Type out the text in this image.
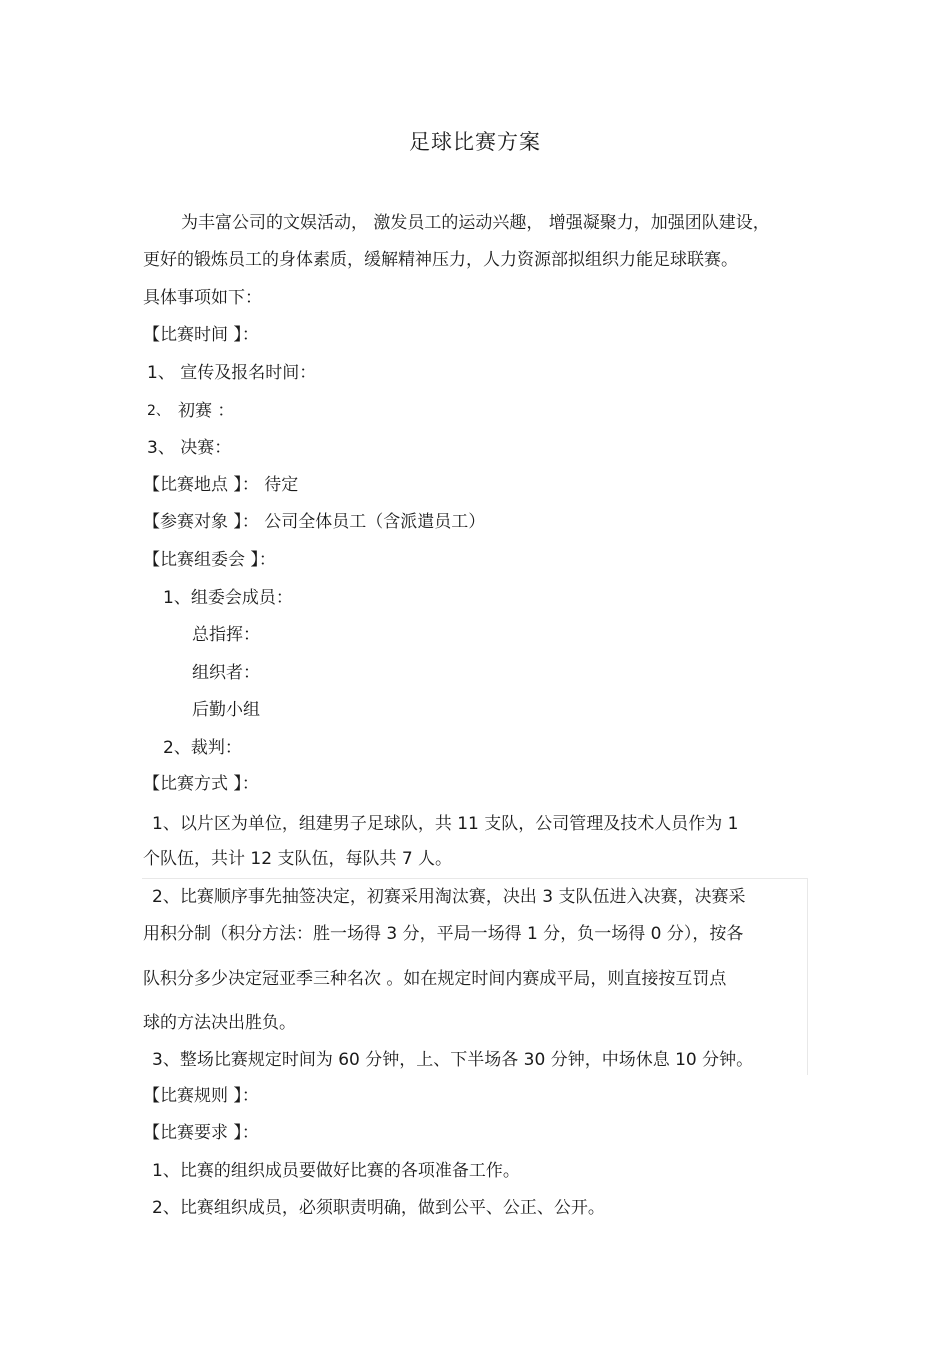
足球比赛方案
为丰富公司的文娱活动， 激发员工的运动兴趣， 增强凝聚力，加强团队建设，
更好的锻炼员工的身体素质，缓解精神压力，人力资源部拟组织力能足球联赛。
具体事项如下：
【比赛时间 】：
1、 宣传及报名时间：
2、 初赛 ：
3、 决赛：
【比赛地点 】： 待定
【参赛对象 】： 公司全体员工（含派遣员工）
【比赛组委会 】：
1、组委会成员：
总指挥：
组织者：
后勤小组
2、裁判：
【比赛方式 】：
1、以片区为单位，组建男子足球队，共 11 支队，公司管理及技术人员作为 1
个队伍，共计 12 支队伍，每队共 7 人。
2、比赛顺序事先抽签决定，初赛采用淘汰赛，决出 3 支队伍进入决赛，决赛采
用积分制（积分方法：胜一场得 3 分，平局一场得 1 分，负一场得 0 分），按各
队积分多少决定冠亚季三种名次 。如在规定时间内赛成平局，则直接按互罚点
球的方法决出胜负。
3、整场比赛规定时间为 60 分钟，上、下半场各 30 分钟，中场休息 10 分钟。
【比赛规则 】：
【比赛要求 】：
1、比赛的组织成员要做好比赛的各项准备工作。
2、比赛组织成员，必须职责明确，做到公平、公正、公开。
